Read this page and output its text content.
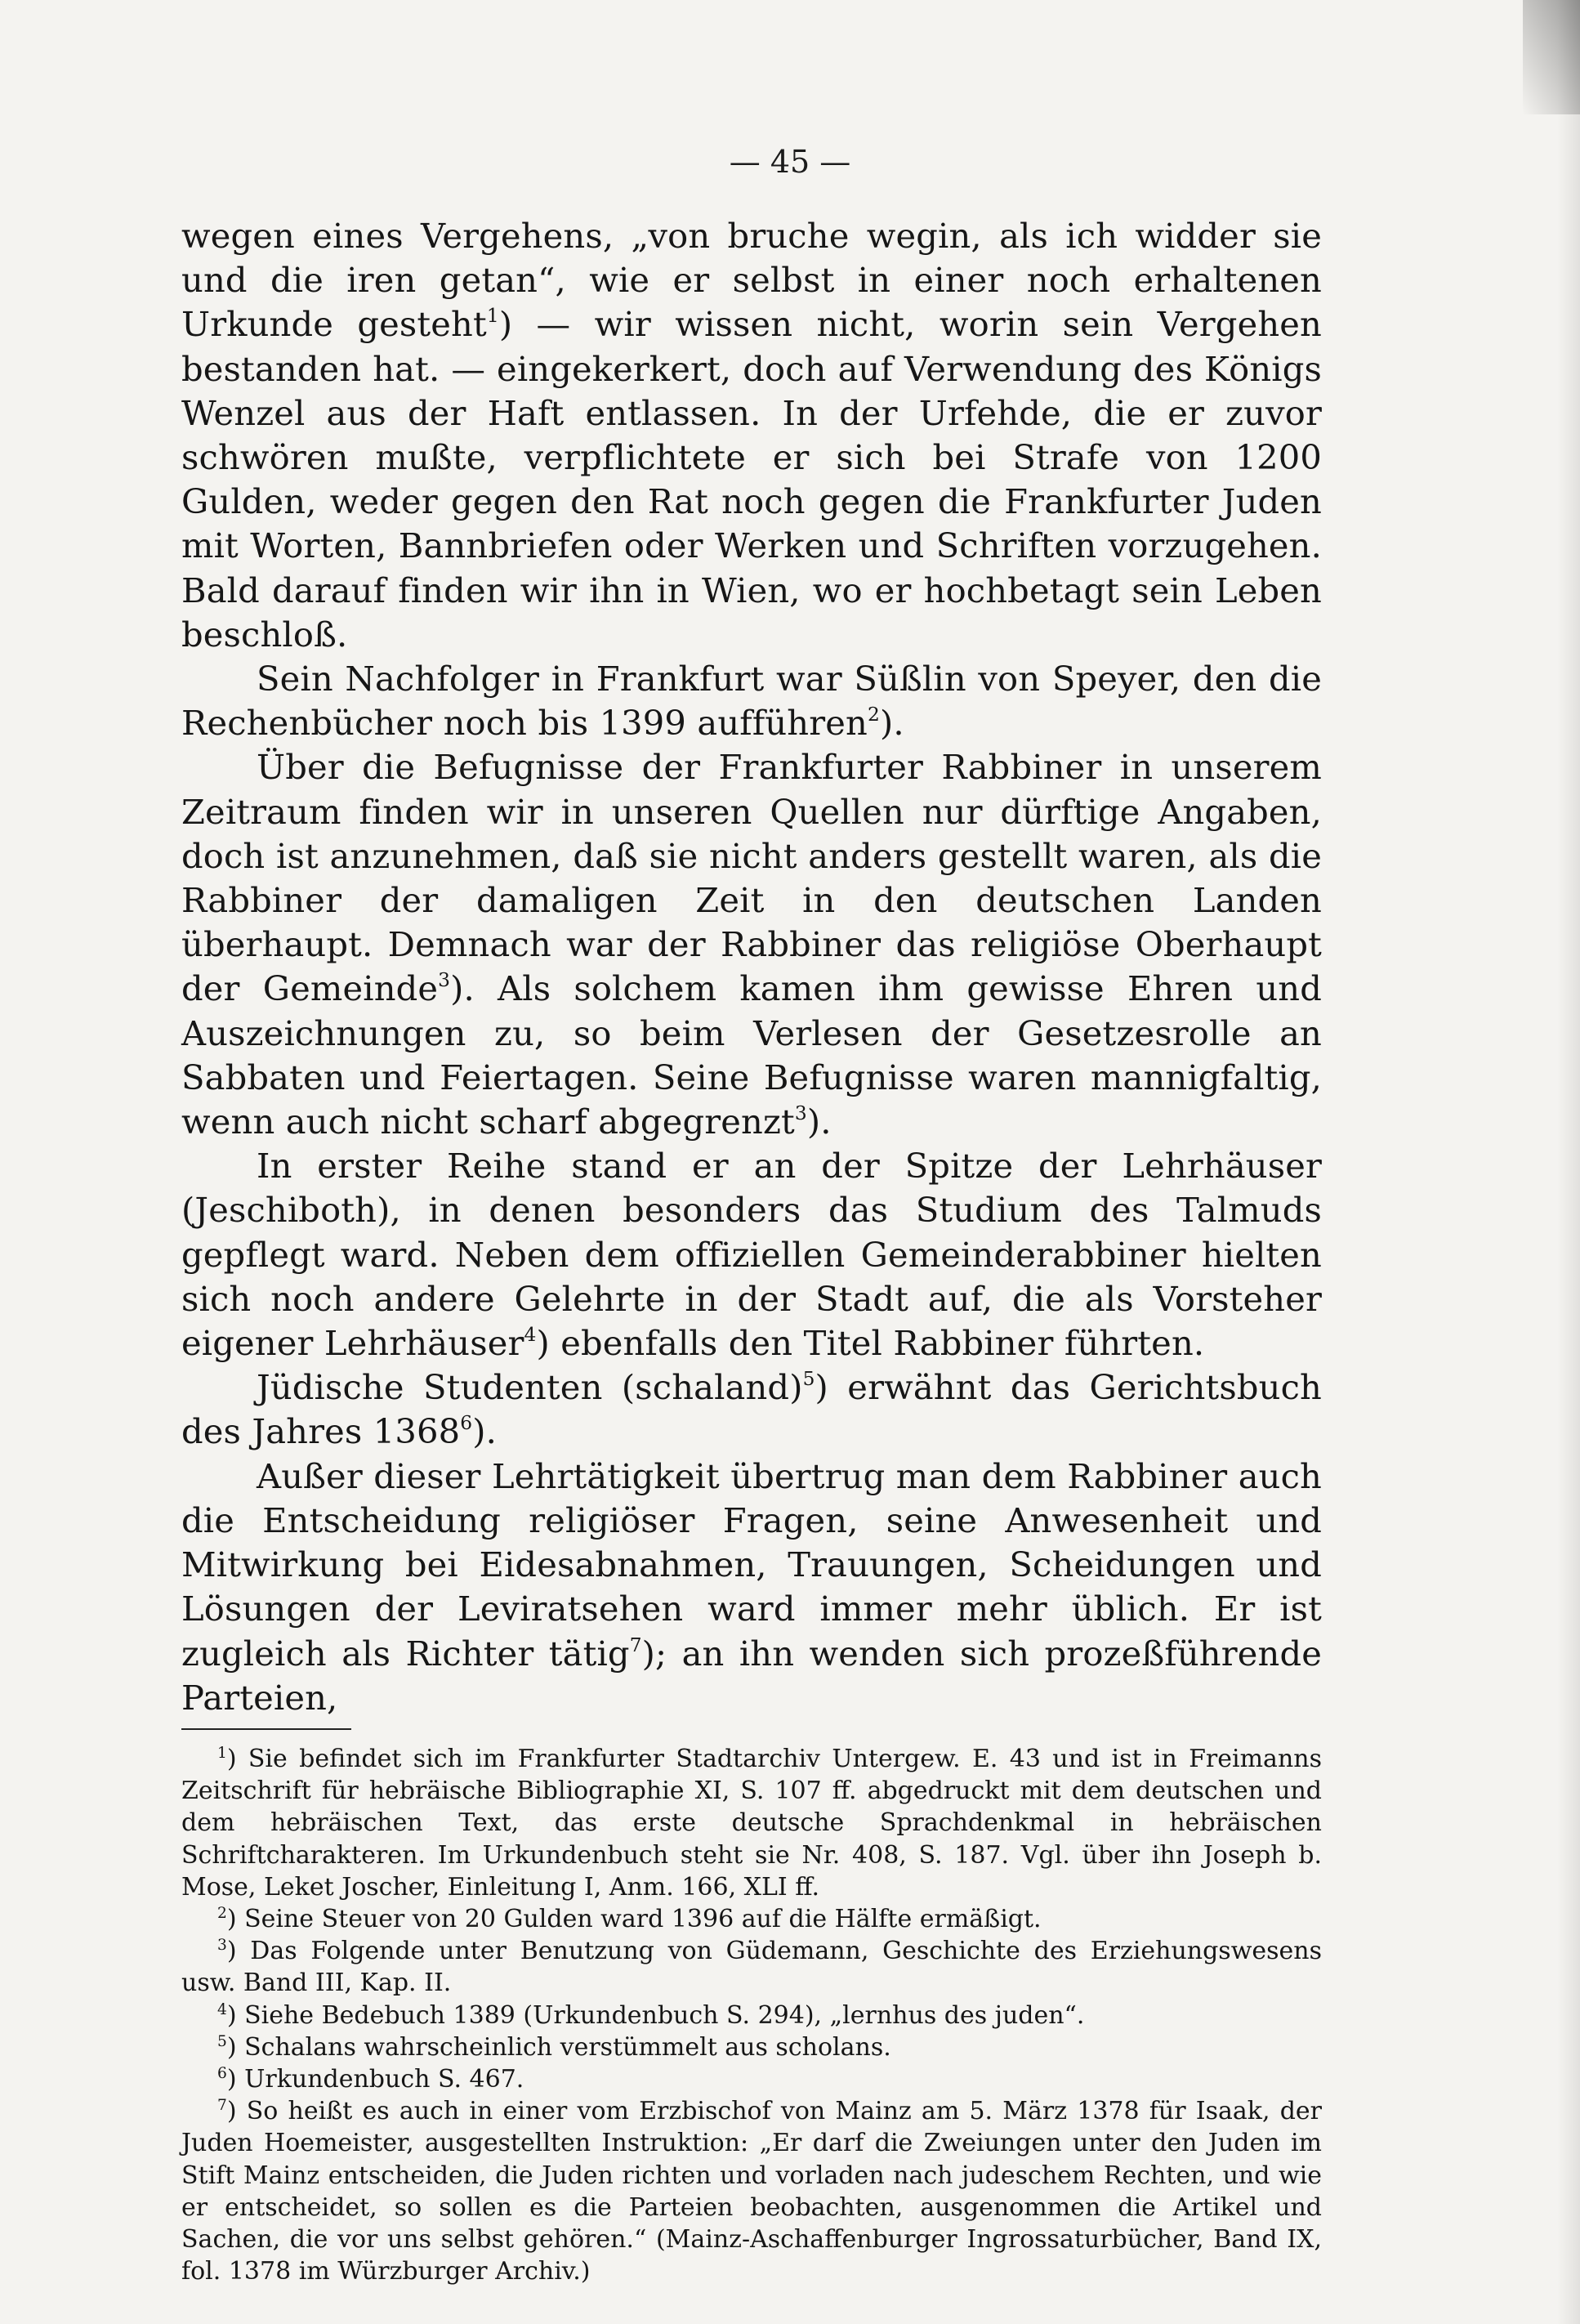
— 45 —

wegen eines Vergehens, „von bruche wegin, als ich widder sie und die iren getan“, wie er selbst in einer noch erhaltenen Urkunde gesteht$^1$) — wir wissen nicht, worin sein Vergehen bestanden hat. — eingekerkert, doch auf Verwendung des Königs Wenzel aus der Haft entlassen. In der Urfehde, die er zuvor schwören mußte, verpflichtete er sich bei Strafe von 1200 Gulden, weder gegen den Rat noch gegen die Frankfurter Juden mit Worten, Bannbriefen oder Werken und Schriften vorzugehen. Bald darauf finden wir ihn in Wien, wo er hochbetagt sein Leben beschloß.

Sein Nachfolger in Frankfurt war Süßlin von Speyer, den die Rechenbücher noch bis 1399 aufführen$^2$).

Über die Befugnisse der Frankfurter Rabbiner in unserem Zeitraum finden wir in unseren Quellen nur dürftige Angaben, doch ist anzunehmen, daß sie nicht anders gestellt waren, als die Rabbiner der damaligen Zeit in den deutschen Landen überhaupt. Demnach war der Rabbiner das religiöse Oberhaupt der Gemeinde$^3$). Als solchem kamen ihm gewisse Ehren und Auszeichnungen zu, so beim Verlesen der Gesetzesrolle an Sabbaten und Feiertagen. Seine Befugnisse waren mannigfaltig, wenn auch nicht scharf abgegrenzt$^3$).

In erster Reihe stand er an der Spitze der Lehrhäuser (Jeschiboth), in denen besonders das Studium des Talmuds gepflegt ward. Neben dem offiziellen Gemeinderabbiner hielten sich noch andere Gelehrte in der Stadt auf, die als Vorsteher eigener Lehrhäuser$^4$) ebenfalls den Titel Rabbiner führten.

Jüdische Studenten (schaland)$^5$) erwähnt das Gerichtsbuch des Jahres 1368$^6$).

Außer dieser Lehrtätigkeit übertrug man dem Rabbiner auch die Entscheidung religiöser Fragen, seine Anwesenheit und Mitwirkung bei Eidesabnahmen, Trauungen, Scheidungen und Lösungen der Leviratsehen ward immer mehr üblich. Er ist zugleich als Richter tätig$^7$); an ihn wenden sich prozeßführende Parteien,

$^1$) Sie befindet sich im Frankfurter Stadtarchiv Untergew. E. 43 und ist in Freimanns Zeitschrift für hebräische Bibliographie XI, S. 107 ff. abgedruckt mit dem deutschen und dem hebräischen Text, das erste deutsche Sprachdenkmal in hebräischen Schriftcharakteren. Im Urkundenbuch steht sie Nr. 408, S. 187. Vgl. über ihn Joseph b. Mose, Leket Joscher, Einleitung I, Anm. 166, XLI ff.

$^2$) Seine Steuer von 20 Gulden ward 1396 auf die Hälfte ermäßigt.

$^3$) Das Folgende unter Benutzung von Güdemann, Geschichte des Erziehungswesens usw. Band III, Kap. II.

$^4$) Siehe Bedebuch 1389 (Urkundenbuch S. 294), „lernhus des juden“.

$^5$) Schalans wahrscheinlich verstümmelt aus scholans.

$^6$) Urkundenbuch S. 467.

$^7$) So heißt es auch in einer vom Erzbischof von Mainz am 5. März 1378 für Isaak, der Juden Hoemeister, ausgestellten Instruktion: „Er darf die Zweiungen unter den Juden im Stift Mainz entscheiden, die Juden richten und vorladen nach judeschem Rechten, und wie er entscheidet, so sollen es die Parteien beobachten, ausgenommen die Artikel und Sachen, die vor uns selbst gehören.“ (Mainz-Aschaffenburger Ingrossaturbücher, Band IX, fol. 1378 im Würzburger Archiv.)
